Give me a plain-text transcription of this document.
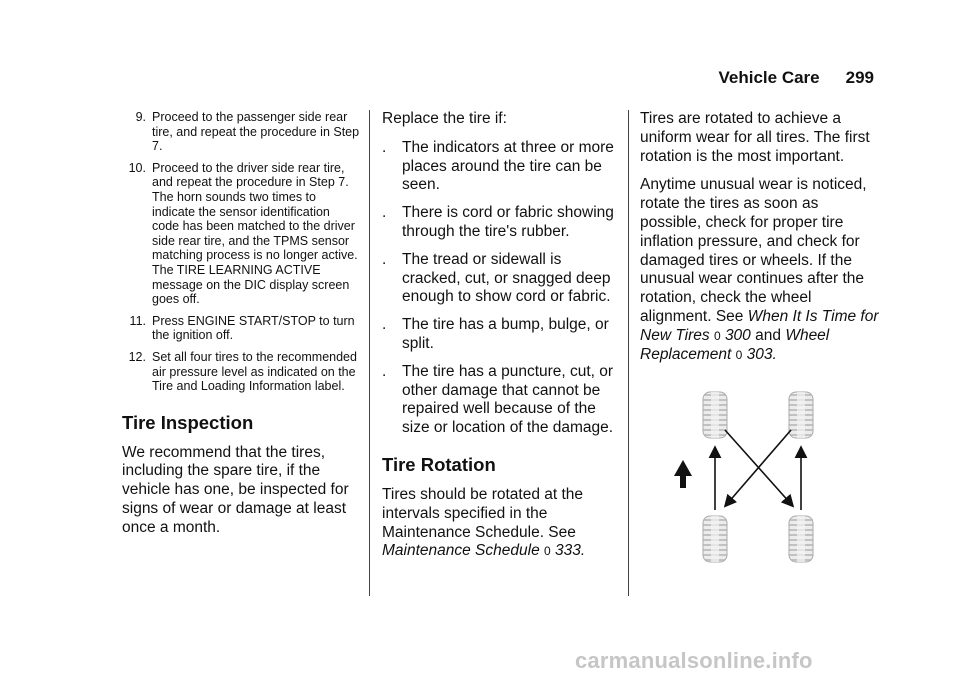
Vehicle Care 299
9. Proceed to the passenger side rear tire, and repeat the procedure in Step 7.
10. Proceed to the driver side rear tire, and repeat the procedure in Step 7. The horn sounds two times to indicate the sensor identification code has been matched to the driver side rear tire, and the TPMS sensor matching process is no longer active. The TIRE LEARNING ACTIVE message on the DIC display screen goes off.
11. Press ENGINE START/STOP to turn the ignition off.
12. Set all four tires to the recommended air pressure level as indicated on the Tire and Loading Information label.
Tire Inspection

We recommend that the tires, including the spare tire, if the vehicle has one, be inspected for signs of wear or damage at least once a month.

Replace the tire if:

.	The indicators at three or more places around the tire can be seen.
.	There is cord or fabric showing through the tire's rubber.
.	The tread or sidewall is cracked, cut, or snagged deep enough to show cord or fabric.
.	The tire has a bump, bulge, or split.
.	The tire has a puncture, cut, or other damage that cannot be repaired well because of the size or location of the damage.
Tire Rotation

Tires should be rotated at the intervals specified in the Maintenance Schedule. See Maintenance Schedule 0 333.

Tires are rotated to achieve a uniform wear for all tires. The first rotation is the most important.

Anytime unusual wear is noticed, rotate the tires as soon as possible, check for proper tire inflation pressure, and check for damaged tires or wheels. If the unusual wear continues after the rotation, check the wheel alignment. See When It Is Time for New Tires 0 300 and Wheel Replacement 0 303.

carmanualsonline.info
